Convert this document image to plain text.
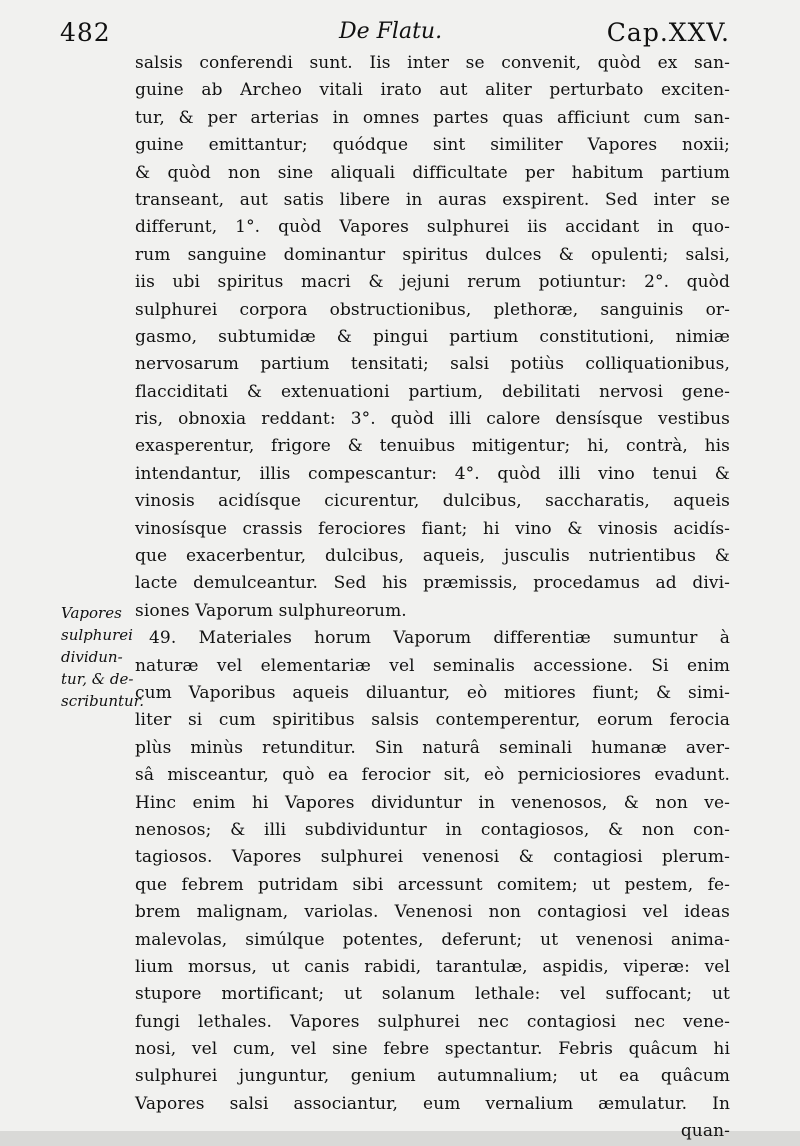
482	De Flatu.	Cap.XXV.
Vapores
sulphurei
dividun-
tur, & de-
scribuntur.
salsis conferendi sunt. Iis inter se convenit, quòd ex san-
guine ab Archeo vitali irato aut aliter perturbato exciten-
tur, & per arterias in omnes partes quas afficiunt cum san-
guine emittantur; quódque sint similiter Vapores noxii;
& quòd non sine aliquali difficultate per habitum partium
transeant, aut satis libere in auras exspirent. Sed inter se
differunt, 1°. quòd Vapores sulphurei iis accidant in quo-
rum sanguine dominantur spiritus dulces & opulenti; salsi,
iis ubi spiritus macri & jejuni rerum potiuntur: 2°. quòd
sulphurei corpora obstructionibus, plethoræ, sanguinis or-
gasmo, subtumidæ & pingui partium constitutioni, nimiæ
nervosarum partium tensitati; salsi potiùs colliquationibus,
flacciditati & extenuationi partium, debilitati nervosi gene-
ris, obnoxia reddant: 3°. quòd illi calore densísque vestibus
exasperentur, frigore & tenuibus mitigentur; hi, contrà, his
intendantur, illis compescantur: 4°. quòd illi vino tenui &
vinosis acidísque cicurentur, dulcibus, saccharatis, aqueis
vinosísque crassis ferociores fiant; hi vino & vinosis acidís-
que exacerbentur, dulcibus, aqueis, jusculis nutrientibus &
lacte demulceantur. Sed his præmissis, procedamus ad divi-
siones Vaporum sulphureorum.
49. Materiales horum Vaporum differentiæ sumuntur à
naturæ vel elementariæ vel seminalis accessione. Si enim
cum Vaporibus aqueis diluantur, eò mitiores fiunt; & simi-
liter si cum spiritibus salsis contemperentur, eorum ferocia
plùs minùs retunditur. Sin naturâ seminali humanæ aver-
sâ misceantur, quò ea ferocior sit, eò perniciosiores evadunt.
Hinc enim hi Vapores dividuntur in venenosos, & non ve-
nenosos; & illi subdividuntur in contagiosos, & non con-
tagiosos. Vapores sulphurei venenosi & contagiosi plerum-
que febrem putridam sibi arcessunt comitem; ut pestem, fe-
brem malignam, variolas. Venenosi non contagiosi vel ideas
malevolas, simúlque potentes, deferunt; ut venenosi anima-
lium morsus, ut canis rabidi, tarantulæ, aspidis, viperæ: vel
stupore mortificant; ut solanum lethale: vel suffocant; ut
fungi lethales. Vapores sulphurei nec contagiosi nec vene-
nosi, vel cum, vel sine febre spectantur. Febris quâcum hi
sulphurei junguntur, genium autumnalium; ut ea quâcum
Vapores salsi associantur, eum vernalium æmulatur. In
quan-
